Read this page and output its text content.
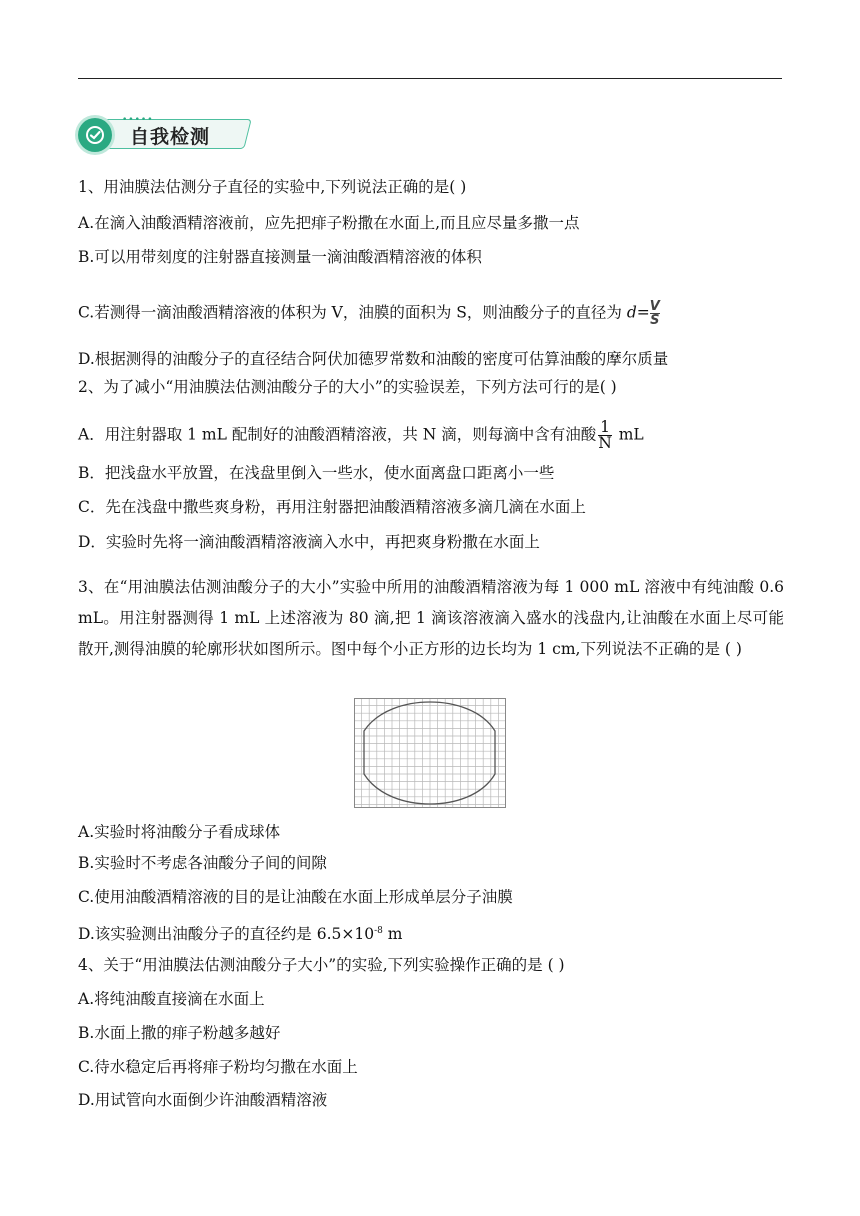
•••••
自我检测
1、用油膜法估测分子直径的实验中,下列说法正确的是( )
A.在滴入油酸酒精溶液前，应先把痱子粉撒在水面上,而且应尽量多撒一点
B.可以用带刻度的注射器直接测量一滴油酸酒精溶液的体积
C.若测得一滴油酸酒精溶液的体积为 V，油膜的面积为 S，则油酸分子的直径为 $d= \frac{V}{S}$
D.根据测得的油酸分子的直径结合阿伏加德罗常数和油酸的密度可估算油酸的摩尔质量
2、为了减小“用油膜法估测油酸分子的大小”的实验误差，下列方法可行的是( )
A．用注射器取 1 mL 配制好的油酸酒精溶液，共 N 滴，则每滴中含有油酸 $\frac{1}{N}$ mL
B．把浅盘水平放置，在浅盘里倒入一些水，使水面离盘口距离小一些
C．先在浅盘中撒些爽身粉，再用注射器把油酸酒精溶液多滴几滴在水面上
D．实验时先将一滴油酸酒精溶液滴入水中，再把爽身粉撒在水面上
3、在“用油膜法估测油酸分子的大小”实验中所用的油酸酒精溶液为每 1 000 mL 溶液中有纯油酸 0.6 mL。用注射器测得 1 mL 上述溶液为 80 滴,把 1 滴该溶液滴入盛水的浅盘内,让油酸在水面上尽可能散开,测得油膜的轮廓形状如图所示。图中每个小正方形的边长均为 1 cm,下列说法不正确的是 ( )
A.实验时将油酸分子看成球体
B.实验时不考虑各油酸分子间的间隙
C.使用油酸酒精溶液的目的是让油酸在水面上形成单层分子油膜
D.该实验测出油酸分子的直径约是 $6.5\times 10^{-8}$ m
4、关于“用油膜法估测油酸分子大小”的实验,下列实验操作正确的是 ( )
A.将纯油酸直接滴在水面上
B.水面上撒的痱子粉越多越好
C.待水稳定后再将痱子粉均匀撒在水面上
D.用试管向水面倒少许油酸酒精溶液
